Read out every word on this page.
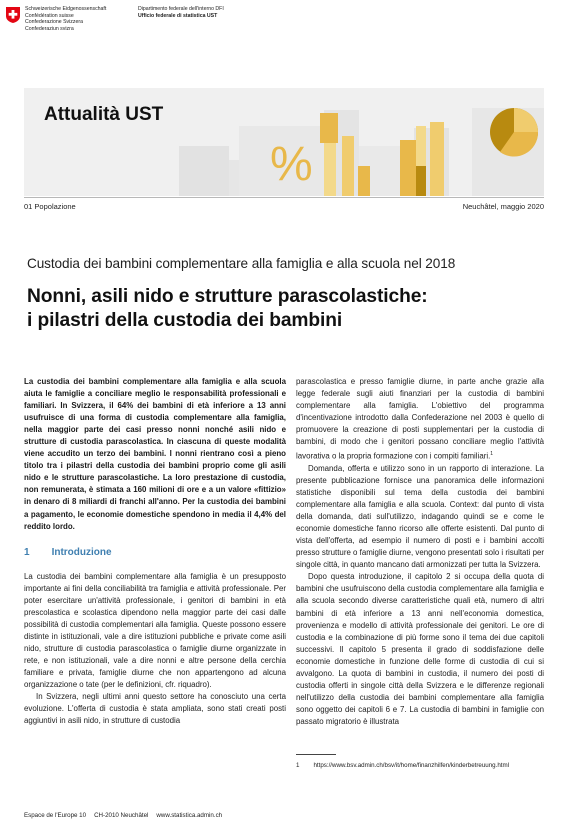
Schweizerische Eidgenossenschaft
Confédération suisse
Confederazione Svizzera
Confederaziun svizra
Dipartimento federale dell'interno DFI
Ufficio federale di statistica UST
%
Attualità UST
01 Popolazione	Neuchâtel, maggio 2020
Custodia dei bambini complementare alla famiglia e alla scuola nel 2018
Nonni, asili nido e strutture parascolastiche:
i pilastri della custodia dei bambini

La custodia dei bambini complementare alla famiglia e alla scuola aiuta le famiglie a conciliare meglio le responsabilità professionali e familiari. In Svizzera, il 64% dei bambini di età inferiore a 13 anni usufruisce di una forma di custodia complementare alla famiglia, nella maggior parte dei casi presso nonni nonché asili nido e strutture di custodia parascolastica. In ciascuna di queste modalità viene accudito un terzo dei bambini. I nonni rientrano così a pieno titolo tra i pilastri della custodia dei bambini proprio come gli asili nido e le strutture parascolastiche. La loro prestazione di custodia, non remunerata, è stimata a 160 milioni di ore e a un valore «fittizio» in denaro di 8 miliardi di franchi all'anno. Per la custodia dei bambini a pagamento, le economie domestiche spendono in media il 4,4% del reddito lordo.

1 Introduzione

La custodia dei bambini complementare alla famiglia è un presupposto importante ai fini della conciliabilità tra famiglia e attività professionale. Per poter esercitare un'attività professionale, i genitori di bambini in età prescolastica e scolastica dipendono nella maggior parte dei casi dalle possibilità di custodia complementari alla famiglia. Queste possono essere distinte in istituzionali, vale a dire istituzioni pubbliche e private come asili nido, strutture di custodia parascolastica o famiglie diurne organizzate in rete, e non istituzionali, vale a dire nonni e altre persone della cerchia familiare e privata, famiglie diurne che non appartengono ad alcuna organizzazione o tate (per le definizioni, cfr. riquadro).

In Svizzera, negli ultimi anni questo settore ha conosciuto una certa evoluzione. L'offerta di custodia è stata ampliata, sono stati creati posti aggiuntivi in asili nido, in strutture di custodia

parascolastica e presso famiglie diurne, in parte anche grazie alla legge federale sugli aiuti finanziari per la custodia di bambini complementare alla famiglia. L'obiettivo del programma d'incentivazione introdotto dalla Confederazione nel 2003 è quello di promuovere la creazione di posti supplementari per la custodia di bambini, di modo che i genitori possano conciliare meglio l'attività lavorativa o la propria formazione con i compiti familiari.$^1$

Domanda, offerta e utilizzo sono in un rapporto di interazione. La presente pubblicazione fornisce una panoramica delle informazioni statistiche disponibili sul tema della custodia dei bambini complementare alla famiglia e alla scuola. Context: dal punto di vista della domanda, dati sull'utilizzo, indagando quindi se e come le economie domestiche fanno ricorso alle offerte esistenti. Dal punto di vista dell'offerta, ad esempio il numero di posti e i bambini accolti presso strutture o famiglie diurne, vengono presentati solo i risultati per singole città, in quanto mancano dati armonizzati per tutta la Svizzera.

Dopo questa introduzione, il capitolo 2 si occupa della quota di bambini che usufruiscono della custodia complementare alla famiglia e alla scuola secondo diverse caratteristiche quali età, numero di altri bambini di età inferiore a 13 anni nell'economia domestica, provenienza e modello di attività professionale dei genitori. Le ore di custodia e la combinazione di più forme sono il tema dei due capitoli successivi. Il capitolo 5 presenta il grado di soddisfazione delle economie domestiche in funzione delle forme di custodia di cui si avvalgono. La quota di bambini in custodia, il numero dei posti di custodia offerti in singole città della Svizzera e le differenze regionali nell'utilizzo della custodia dei bambini complementare alla famiglia sono oggetto dei capitoli 6 e 7. La custodia di bambini in famiglie con passato migratorio è illustrata

1 https://www.bsv.admin.ch/bsv/it/home/finanzhilfen/kinderbetreuung.html
Espace de l'Europe 10 CH-2010 Neuchâtel www.statistica.admin.ch
